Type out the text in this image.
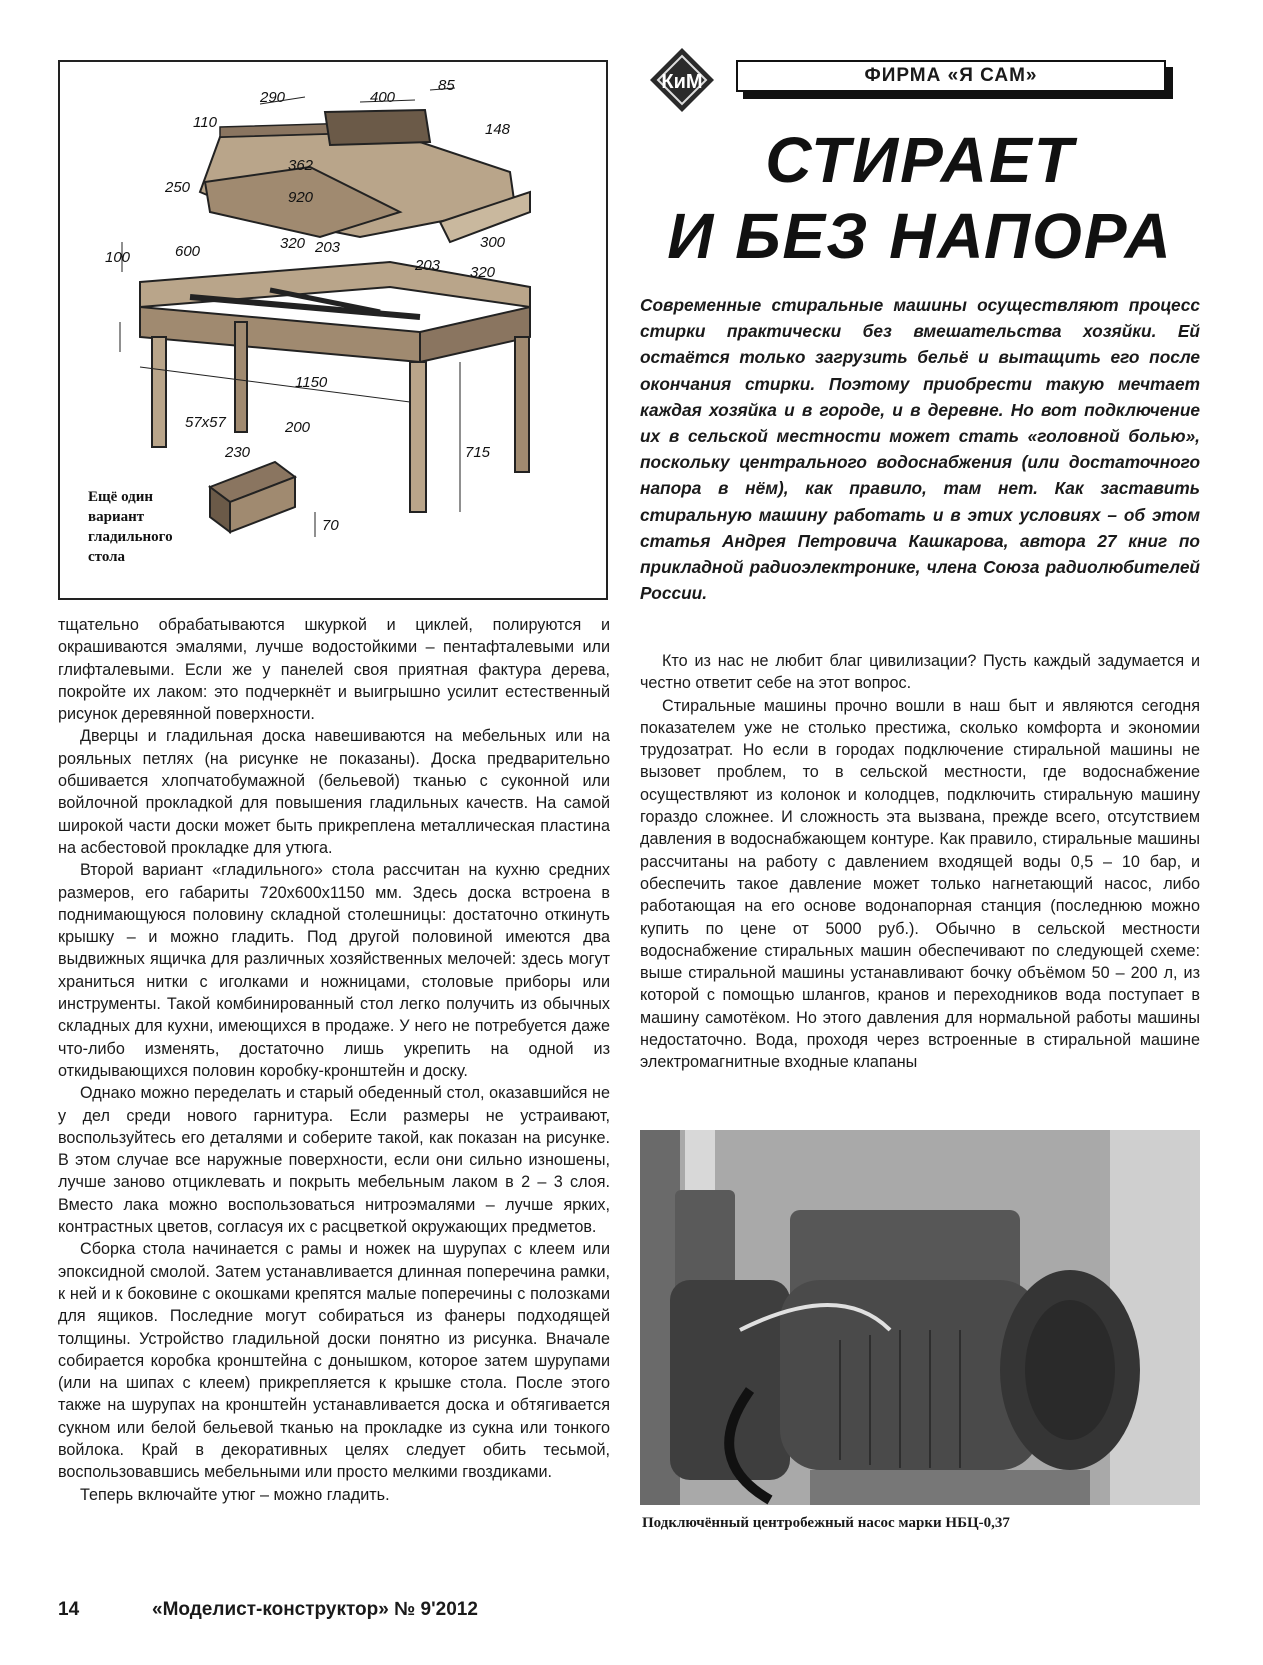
290	400
85
110	148
362
250
920
320 203	300
600
100	203 320
1150
57x57	200
230	715
70
Ещё один вариант гладильного стола
КиМ	ФИРМА «Я САМ»
СТИРАЕТ
И БЕЗ НАПОРА
Современные стиральные машины осуществляют процесс стирки практически без вмешательства хозяйки. Ей остаётся только загрузить бельё и вытащить его после окончания стирки. Поэтому приобрести такую мечтает каждая хозяйка и в городе, и в деревне. Но вот подключение их в сельской местности может стать «головной болью», поскольку центрального водоснабжения (или достаточного напора в нём), как правило, там нет. Как заставить стиральную машину работать и в этих условиях – об этом статья Андрея Петровича Кашкарова, автора 27 книг по прикладной радиоэлектронике, члена Союза радиолюбителей России.

тщательно обрабатываются шкуркой и циклей, полируются и окрашиваются эмалями, лучше водостойкими – пентафталевыми или глифталевыми. Если же у панелей своя приятная фактура дерева, покройте их лаком: это подчеркнёт и выигрышно усилит естественный рисунок деревянной поверхности.

Дверцы и гладильная доска навешиваются на мебельных или на рояльных петлях (на рисунке не показаны). Доска предварительно обшивается хлопчатобумажной (бельевой) тканью с суконной или войлочной прокладкой для повышения гладильных качеств. На самой широкой части доски может быть прикреплена металлическая пластина на асбестовой прокладке для утюга.

Второй вариант «гладильного» стола рассчитан на кухню средних размеров, его габариты 720x600x1150 мм. Здесь доска встроена в поднимающуюся половину складной столешницы: достаточно откинуть крышку – и можно гладить. Под другой половиной имеются два выдвижных ящичка для различных хозяйственных мелочей: здесь могут храниться нитки с иголками и ножницами, столовые приборы или инструменты. Такой комбинированный стол легко получить из обычных складных для кухни, имеющихся в продаже. У него не потребуется даже что-либо изменять, достаточно лишь укрепить на одной из откидывающихся половин коробку-кронштейн и доску.

Однако можно переделать и старый обеденный стол, оказавшийся не у дел среди нового гарнитура. Если размеры не устраивают, воспользуйтесь его деталями и соберите такой, как показан на рисунке. В этом случае все наружные поверхности, если они сильно изношены, лучше заново отциклевать и покрыть мебельным лаком в 2 – 3 слоя. Вместо лака можно воспользоваться нитроэмалями – лучше ярких, контрастных цветов, согласуя их с расцветкой окружающих предметов.

Сборка стола начинается с рамы и ножек на шурупах с клеем или эпоксидной смолой. Затем устанавливается длинная поперечина рамки, к ней и к боковине с окошками крепятся малые поперечины с полозками для ящиков. Последние могут собираться из фанеры подходящей толщины. Устройство гладильной доски понятно из рисунка. Вначале собирается коробка кронштейна с донышком, которое затем шурупами (или на шипах с клеем) прикрепляется к крышке стола. После этого также на шурупах на кронштейн устанавливается доска и обтягивается сукном или белой бельевой тканью на прокладке из сукна или тонкого войлока. Край в декоративных целях следует обить тесьмой, воспользовавшись мебельными или просто мелкими гвоздиками.

Теперь включайте утюг – можно гладить.

Кто из нас не любит благ цивилизации? Пусть каждый задумается и честно ответит себе на этот вопрос.

Стиральные машины прочно вошли в наш быт и являются сегодня показателем уже не столько престижа, сколько комфорта и экономии трудозатрат. Но если в городах подключение стиральной машины не вызовет проблем, то в сельской местности, где водоснабжение осуществляют из колонок и колодцев, подключить стиральную машину гораздо сложнее. И сложность эта вызвана, прежде всего, отсутствием давления в водоснабжающем контуре. Как правило, стиральные машины рассчитаны на работу с давлением входящей воды 0,5 – 10 бар, и обеспечить такое давление может только нагнетающий насос, либо работающая на его основе водонапорная станция (последнюю можно купить по цене от 5000 руб.). Обычно в сельской местности водоснабжение стиральных машин обеспечивают по следующей схеме: выше стиральной машины устанавливают бочку объёмом 50 – 200 л, из которой с помощью шлангов, кранов и переходников вода поступает в машину самотёком. Но этого давления для нормальной работы машины недостаточно. Вода, проходя через встроенные в стиральной машине электромагнитные входные клапаны

Подключённый центробежный насос марки НБЦ-0,37
14	«Моделист-конструктор» № 9'2012
